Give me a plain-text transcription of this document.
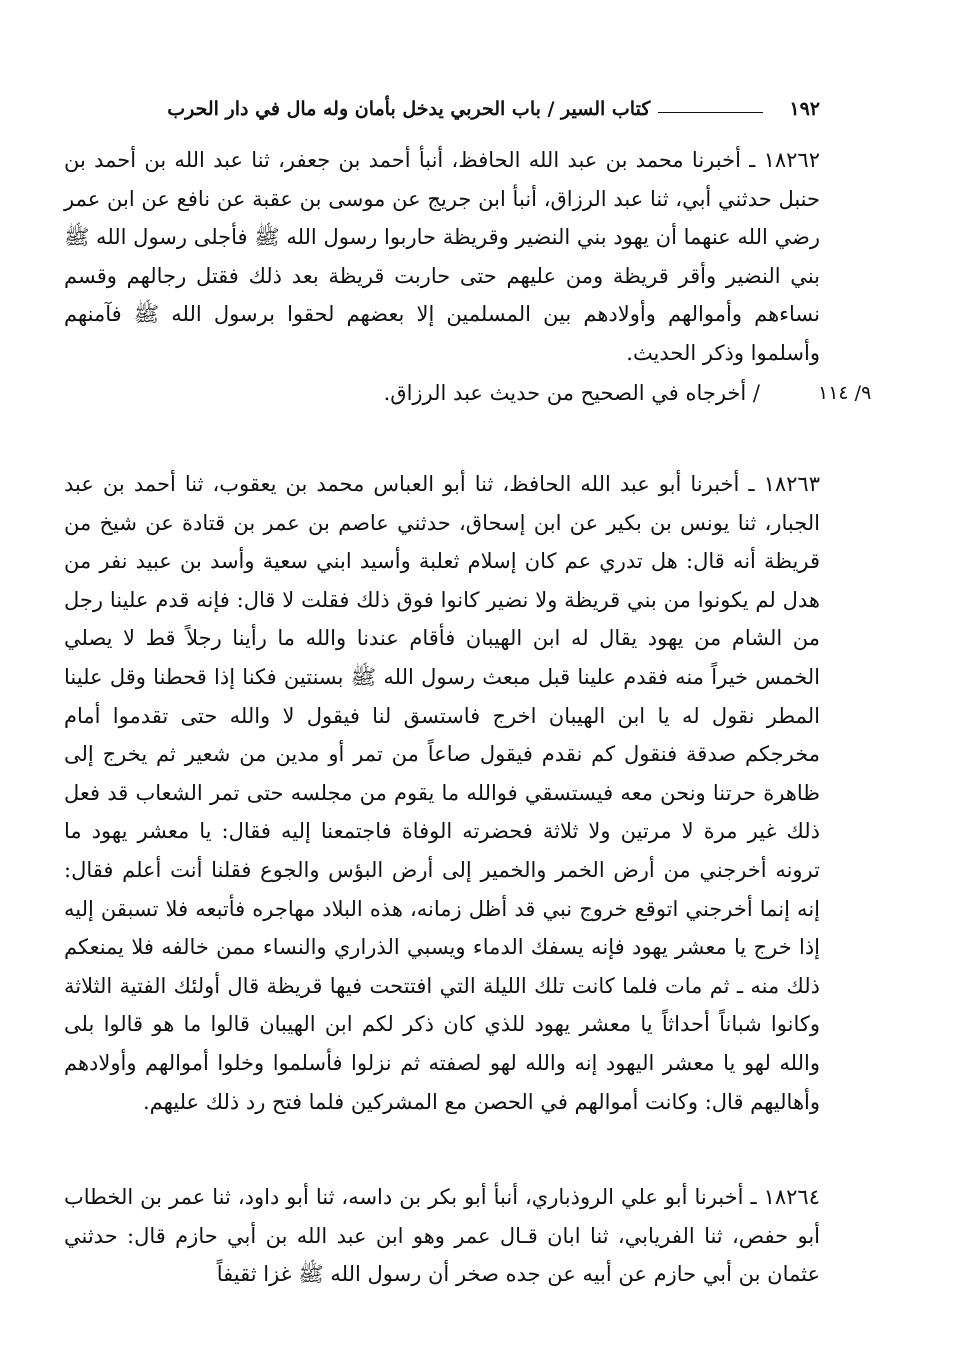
١٩٢
كتاب السير / باب الحربي يدخل بأمان وله مال في دار الحرب
١٨٢٦٢ ـ أخبرنا محمد بن عبد الله الحافظ، أنبأ أحمد بن جعفر، ثنا عبد الله بن أحمد بن حنبل حدثني أبي، ثنا عبد الرزاق، أنبأ ابن جريج عن موسى بن عقبة عن نافع عن ابن عمر رضي الله عنهما أن يهود بني النضير وقريظة حاربوا رسول الله ﷺ فأجلى رسول الله ﷺ بني النضير وأقر قريظة ومن عليهم حتى حاربت قريظة بعد ذلك فقتل رجالهم وقسم نساءهم وأموالهم وأولادهم بين المسلمين إلا بعضهم لحقوا برسول الله ﷺ فآمنهم وأسلموا وذكر الحديث.
/ أخرجاه في الصحيح من حديث عبد الرزاق.	٩/ ١١٤
١٨٢٦٣ ـ أخبرنا أبو عبد الله الحافظ، ثنا أبو العباس محمد بن يعقوب، ثنا أحمد بن عبد الجبار، ثنا يونس بن بكير عن ابن إسحاق، حدثني عاصم بن عمر بن قتادة عن شيخ من قريظة أنه قال: هل تدري عم كان إسلام ثعلبة وأسيد ابني سعية وأسد بن عبيد نفر من هدل لم يكونوا من بني قريظة ولا نضير كانوا فوق ذلك فقلت لا قال: فإنه قدم علينا رجل من الشام من يهود يقال له ابن الهيبان فأقام عندنا والله ما رأينا رجلاً قط لا يصلي الخمس خيراً منه فقدم علينا قبل مبعث رسول الله ﷺ بسنتين فكنا إذا قحطنا وقل علينا المطر نقول له يا ابن الهيبان اخرج فاستسق لنا فيقول لا والله حتى تقدموا أمام مخرجكم صدقة فنقول كم نقدم فيقول صاعاً من تمر أو مدين من شعير ثم يخرج إلى ظاهرة حرتنا ونحن معه فيستسقي فوالله ما يقوم من مجلسه حتى تمر الشعاب قد فعل ذلك غير مرة لا مرتين ولا ثلاثة فحضرته الوفاة فاجتمعنا إليه فقال: يا معشر يهود ما ترونه أخرجني من أرض الخمر والخمير إلى أرض البؤس والجوع فقلنا أنت أعلم فقال: إنه إنما أخرجني اتوقع خروج نبي قد أظل زمانه، هذه البلاد مهاجره فأتبعه فلا تسبقن إليه إذا خرج يا معشر يهود فإنه يسفك الدماء ويسبي الذراري والنساء ممن خالفه فلا يمنعكم ذلك منه ـ ثم مات فلما كانت تلك الليلة التي افتتحت فيها قريظة قال أولئك الفتية الثلاثة وكانوا شباناً أحداثاً يا معشر يهود للذي كان ذكر لكم ابن الهيبان قالوا ما هو قالوا بلى والله لهو يا معشر اليهود إنه والله لهو لصفته ثم نزلوا فأسلموا وخلوا أموالهم وأولادهم وأهاليهم قال: وكانت أموالهم في الحصن مع المشركين فلما فتح رد ذلك عليهم.
١٨٢٦٤ ـ أخبرنا أبو علي الروذباري، أنبأ أبو بكر بن داسه، ثنا أبو داود، ثنا عمر بن الخطاب أبو حفص، ثنا الفريابي، ثنا ابان قـال عمر وهو ابن عبد الله بن أبي حازم قال: حدثني عثمان بن أبي حازم عن أبيه عن جده صخر أن رسول الله ﷺ غزا ثقيفاً
